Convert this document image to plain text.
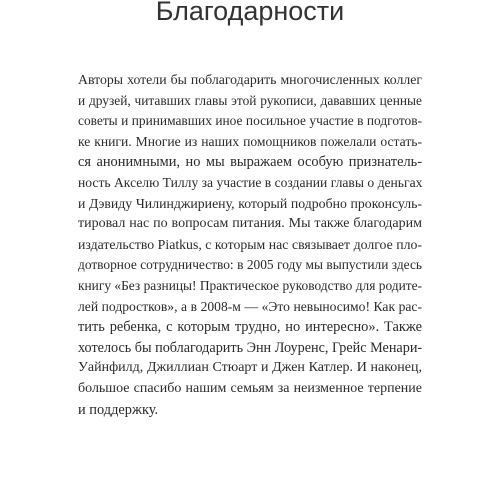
Благодарности
Авторы хотели бы поблагодарить многочисленных коллег
и друзей, читавших главы этой рукописи, дававших ценные
советы и принимавших иное посильное участие в подготов-
ке книги. Многие из наших помощников пожелали остать-
ся анонимными, но мы выражаем особую признатель-
ность Акселю Тиллу за участие в создании главы о деньгах
и Дэвиду Чилинджириену, который подробно проконсуль-
тировал нас по вопросам питания. Мы также благодарим
издательство Piatkus, с которым нас связывает долгое пло-
дотворное сотрудничество: в 2005 году мы выпустили здесь
книгу «Без разницы! Практическое руководство для родите-
лей подростков», а в 2008-м — «Это невыносимо! Как рас-
тить ребенка, с которым трудно, но интересно». Также
хотелось бы поблагодарить Энн Лоуренс, Грейс Менари-
Уайнфилд, Джиллиан Стюарт и Джен Катлер. И наконец,
большое спасибо нашим семьям за неизменное терпение
и поддержку.
